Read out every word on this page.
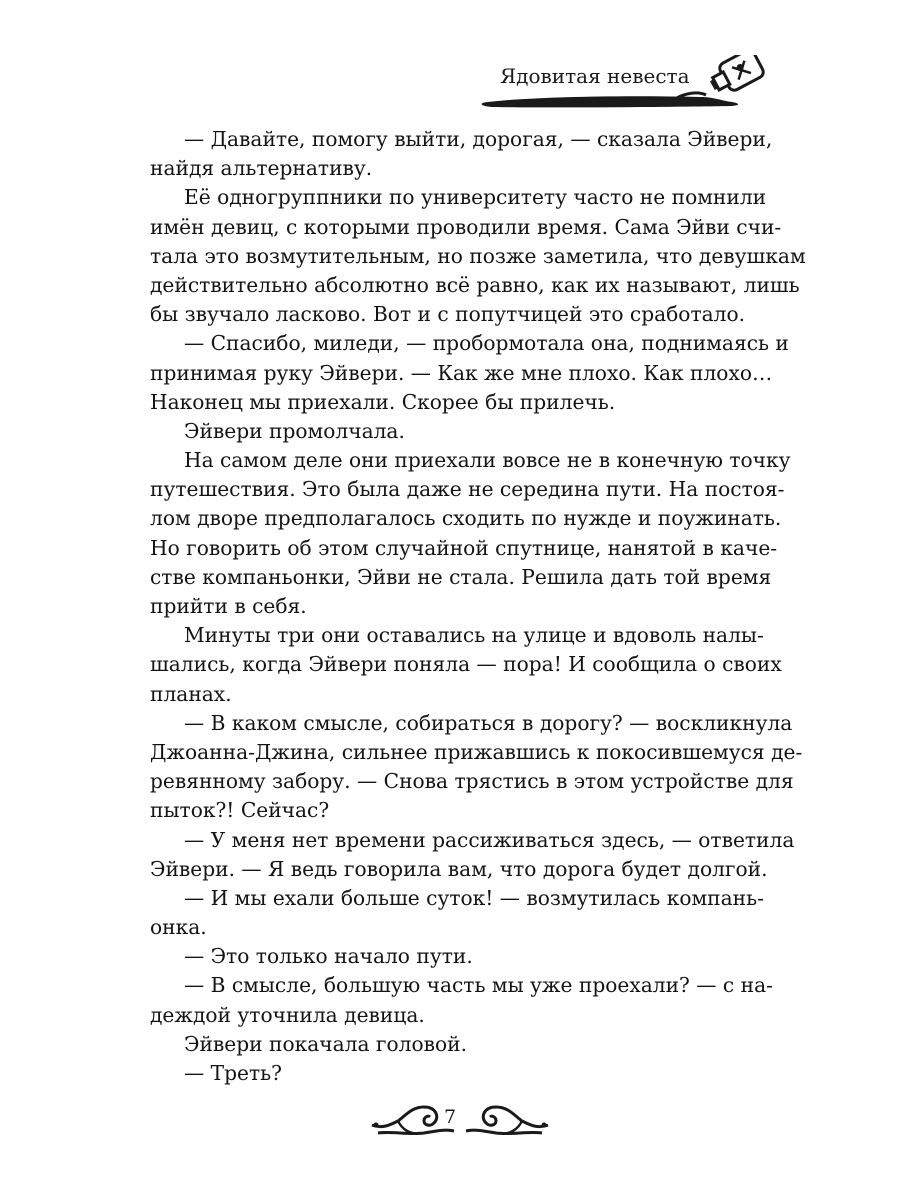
Ядовитая невеста
— Давайте, помогу выйти, дорогая, — сказала Эйвери,
найдя альтернативу.
Её одногруппники по университету часто не помнили
имён девиц, с которыми проводили время. Сама Эйви счи-
тала это возмутительным, но позже заметила, что девушкам
действительно абсолютно всё равно, как их называют, лишь
бы звучало ласково. Вот и с попутчицей это сработало.
— Спасибо, миледи, — пробормотала она, поднимаясь и
принимая руку Эйвери. — Как же мне плохо. Как плохо…
Наконец мы приехали. Скорее бы прилечь.
Эйвери промолчала.
На самом деле они приехали вовсе не в конечную точку
путешествия. Это была даже не середина пути. На постоя-
лом дворе предполагалось сходить по нужде и поужинать.
Но говорить об этом случайной спутнице, нанятой в каче-
стве компаньонки, Эйви не стала. Решила дать той время
прийти в себя.
Минуты три они оставались на улице и вдоволь налы-
шались, когда Эйвери поняла — пора! И сообщила о своих
планах.
— В каком смысле, собираться в дорогу? — воскликнула
Джоанна-Джина, сильнее прижавшись к покосившемуся де-
ревянному забору. — Снова трястись в этом устройстве для
пыток?! Сейчас?
— У меня нет времени рассиживаться здесь, — ответила
Эйвери. — Я ведь говорила вам, что дорога будет долгой.
— И мы ехали больше суток! — возмутилась компань-
онка.
— Это только начало пути.
— В смысле, большую часть мы уже проехали? — с на-
деждой уточнила девица.
Эйвери покачала головой.
— Треть?
7
